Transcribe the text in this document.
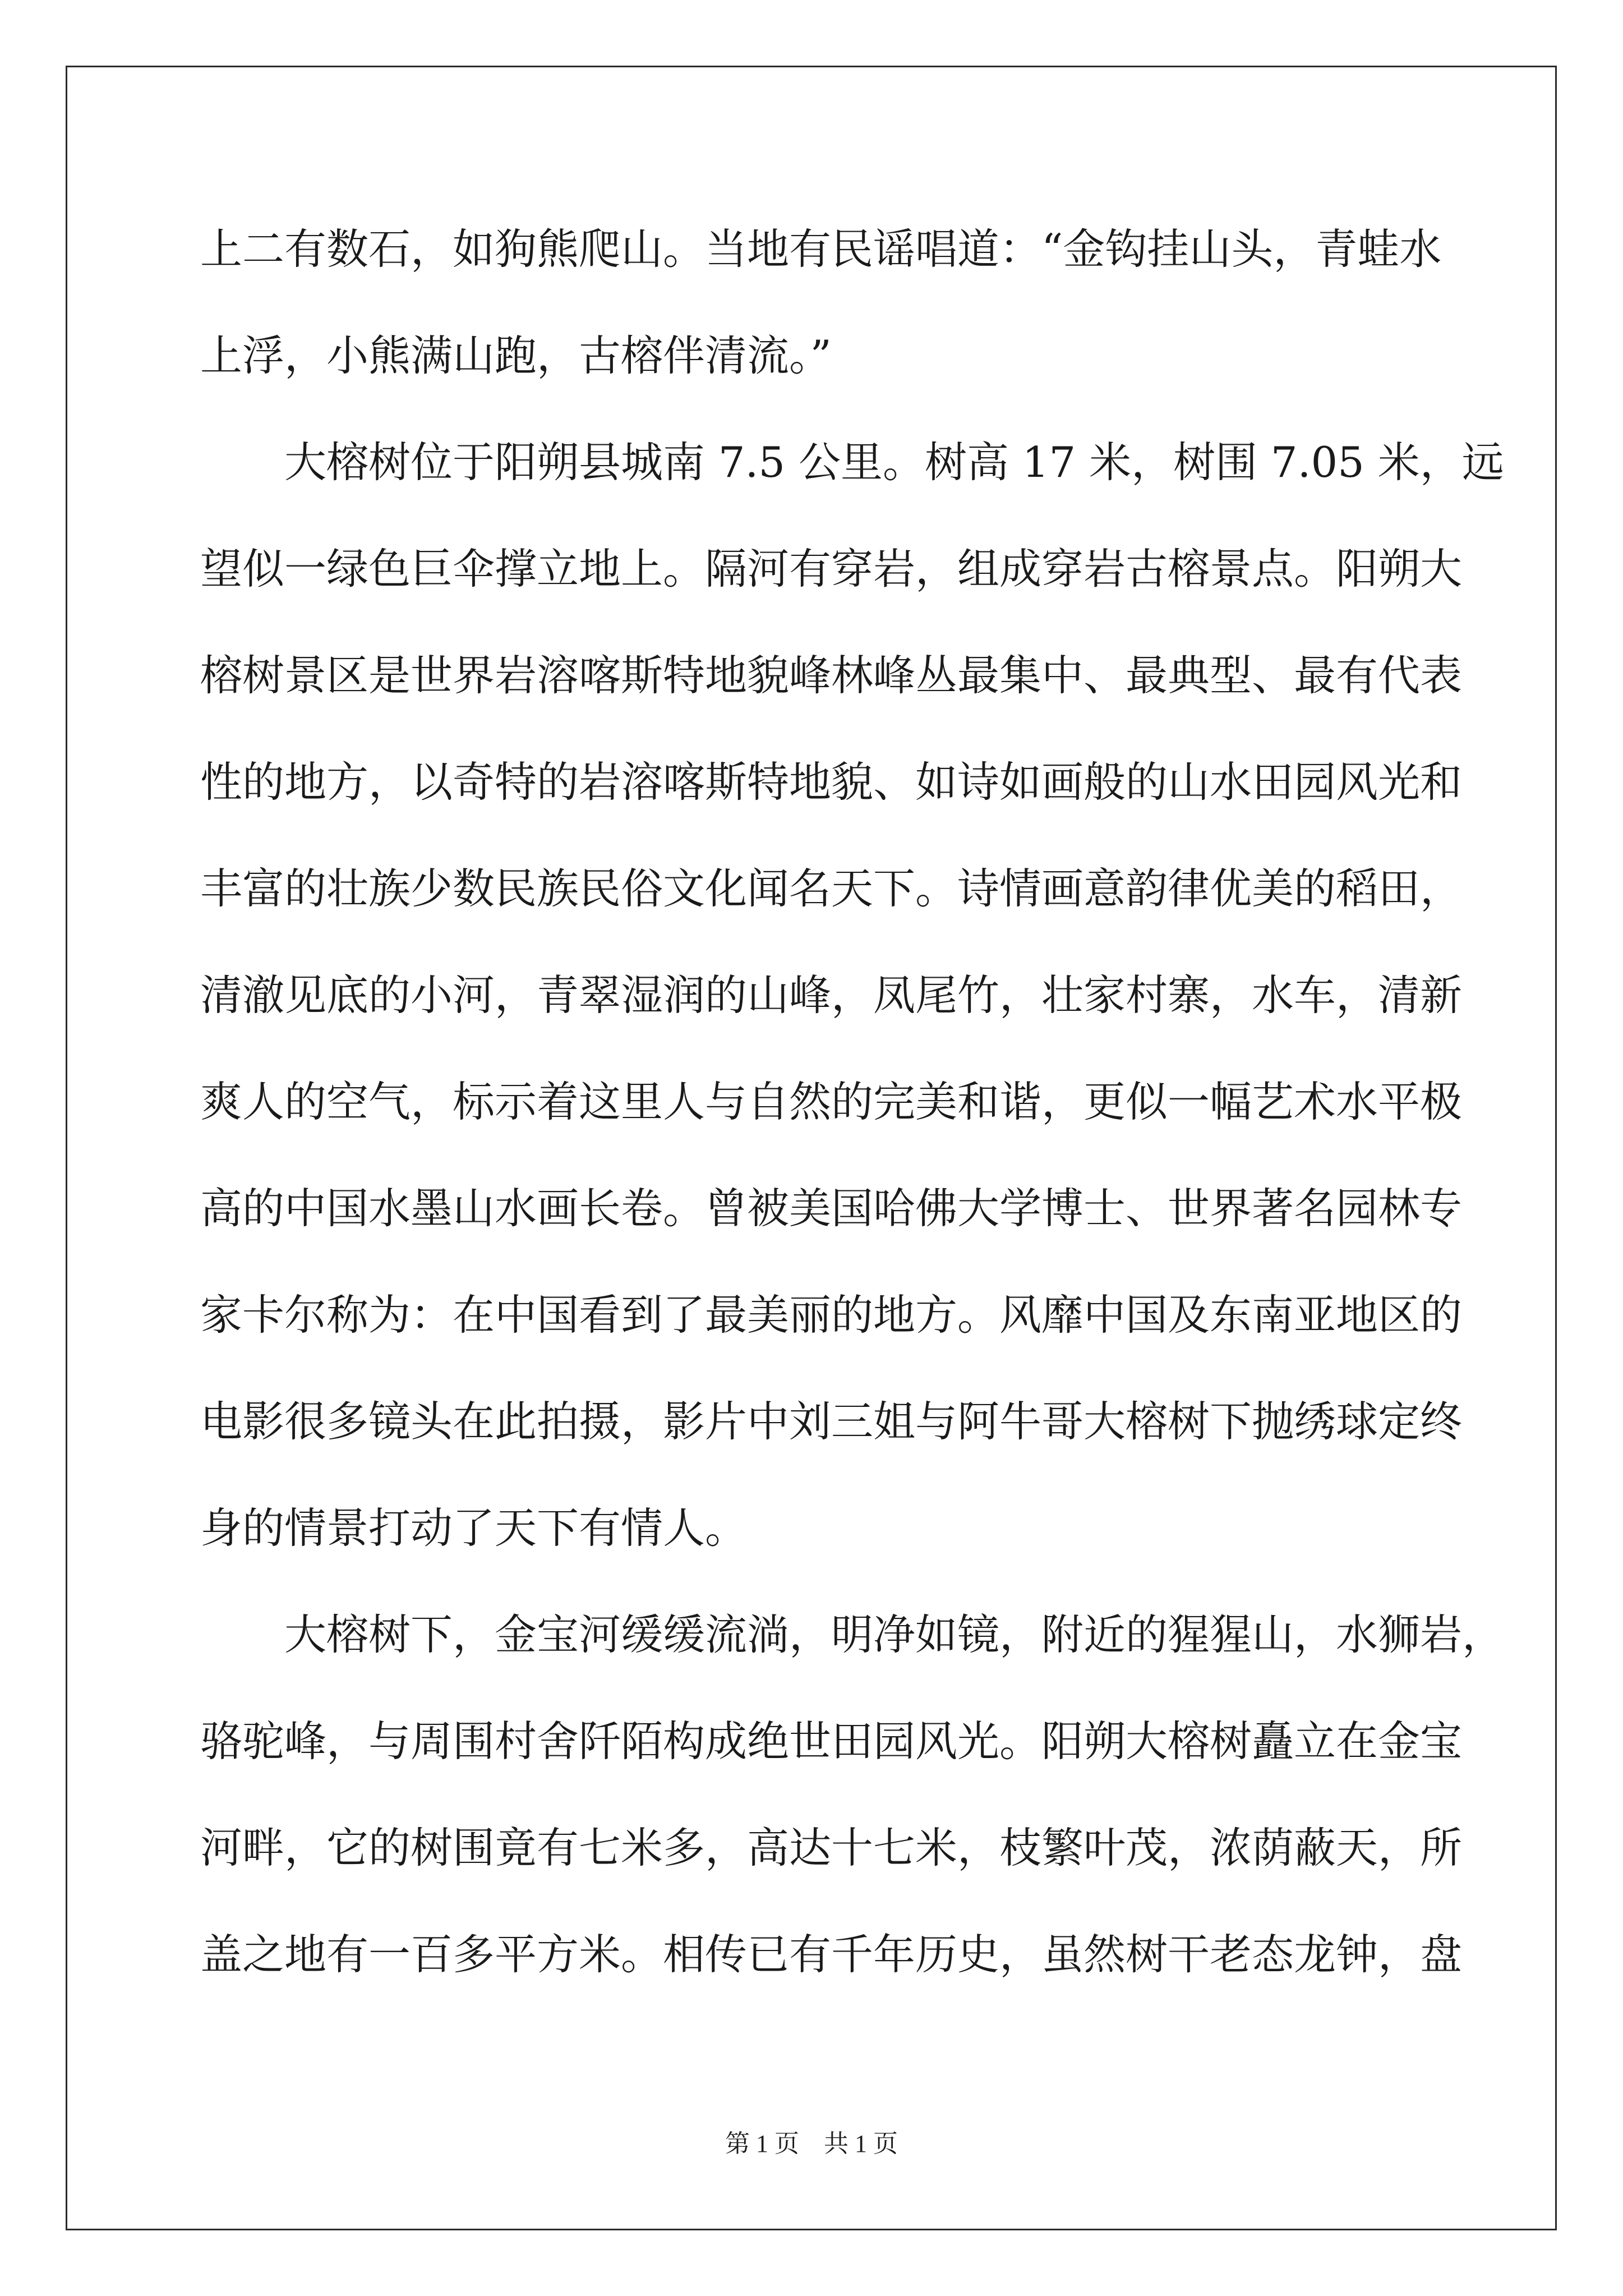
上二有数石，如狗熊爬山。当地有民谣唱道：“金钩挂山头，青蛙水
上浮，小熊满山跑，古榕伴清流。”
大榕树位于阳朔县城南 7.5 公里。树高 17 米，树围 7.05 米，远
望似一绿色巨伞撑立地上。隔河有穿岩，组成穿岩古榕景点。阳朔大
榕树景区是世界岩溶喀斯特地貌峰林峰丛最集中、最典型、最有代表
性的地方，以奇特的岩溶喀斯特地貌、如诗如画般的山水田园风光和
丰富的壮族少数民族民俗文化闻名天下。诗情画意韵律优美的稻田，
清澈见底的小河，青翠湿润的山峰，凤尾竹，壮家村寨，水车，清新
爽人的空气，标示着这里人与自然的完美和谐，更似一幅艺术水平极
高的中国水墨山水画长卷。曾被美国哈佛大学博士、世界著名园林专
家卡尔称为：在中国看到了最美丽的地方。风靡中国及东南亚地区的
电影很多镜头在此拍摄，影片中刘三姐与阿牛哥大榕树下抛绣球定终
身的情景打动了天下有情人。
大榕树下，金宝河缓缓流淌，明净如镜，附近的猩猩山，水狮岩，
骆驼峰，与周围村舍阡陌构成绝世田园风光。阳朔大榕树矗立在金宝
河畔，它的树围竟有七米多，高达十七米，枝繁叶茂，浓荫蔽天，所
盖之地有一百多平方米。相传已有千年历史，虽然树干老态龙钟，盘
第 1 页　共 1 页
